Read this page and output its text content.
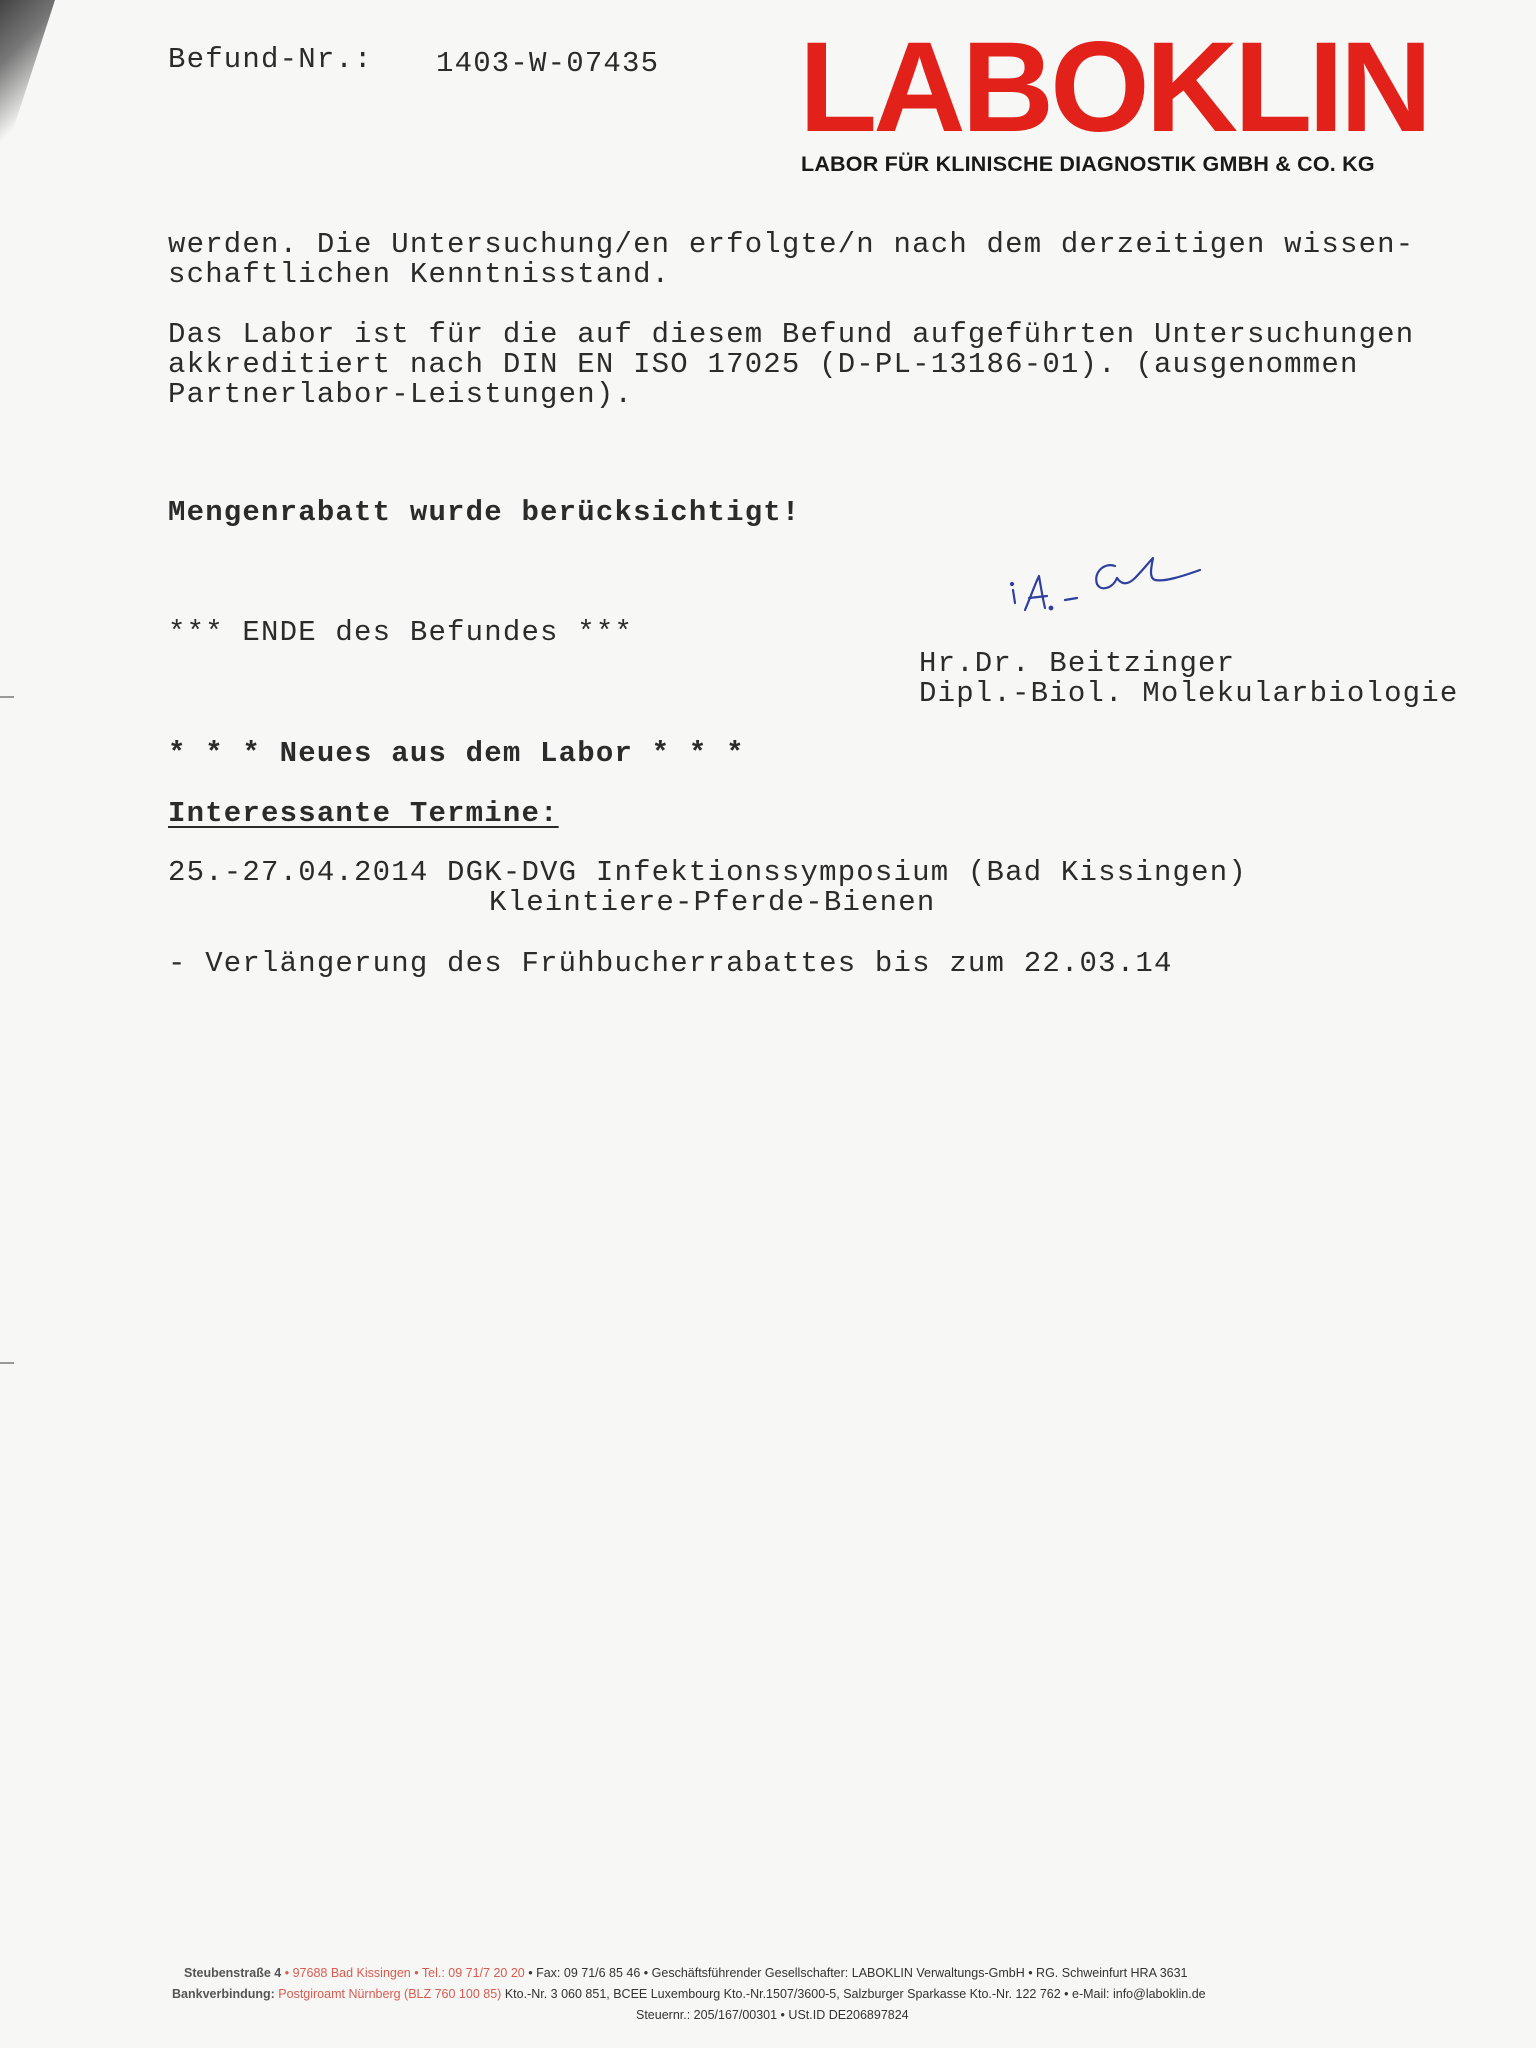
Befund-Nr.: 1403-W-07435 LABOKLIN
LABOR FÜR KLINISCHE DIAGNOSTIK GMBH & CO. KG
werden. Die Untersuchung/en erfolgte/n nach dem derzeitigen wissen-
schaftlichen Kenntnisstand.
Das Labor ist für die auf diesem Befund aufgeführten Untersuchungen
akkreditiert nach DIN EN ISO 17025 (D-PL-13186-01). (ausgenommen
Partnerlabor-Leistungen).
Mengenrabatt wurde berücksichtigt!
*** ENDE des Befundes ***
Hr.Dr. Beitzinger
Dipl.-Biol. Molekularbiologie
* * * Neues aus dem Labor * * *
Interessante Termine:
25.-27.04.2014 DGK-DVG Infektionssymposium (Bad Kissingen)
Kleintiere-Pferde-Bienen
- Verlängerung des Frühbucherrabattes bis zum 22.03.14
Steubenstraße 4 • 97688 Bad Kissingen • Tel.: 09 71/7 20 20 • Fax: 09 71/6 85 46 • Geschäftsführender Gesellschafter: LABOKLIN Verwaltungs-GmbH • RG. Schweinfurt HRA 3631
Bankverbindung: Postgiroamt Nürnberg (BLZ 760 100 85) Kto.-Nr. 3 060 851, BCEE Luxembourg Kto.-Nr.1507/3600-5, Salzburger Sparkasse Kto.-Nr. 122 762 • e-Mail: info@laboklin.de
Steuernr.: 205/167/00301 • USt.ID DE206897824
